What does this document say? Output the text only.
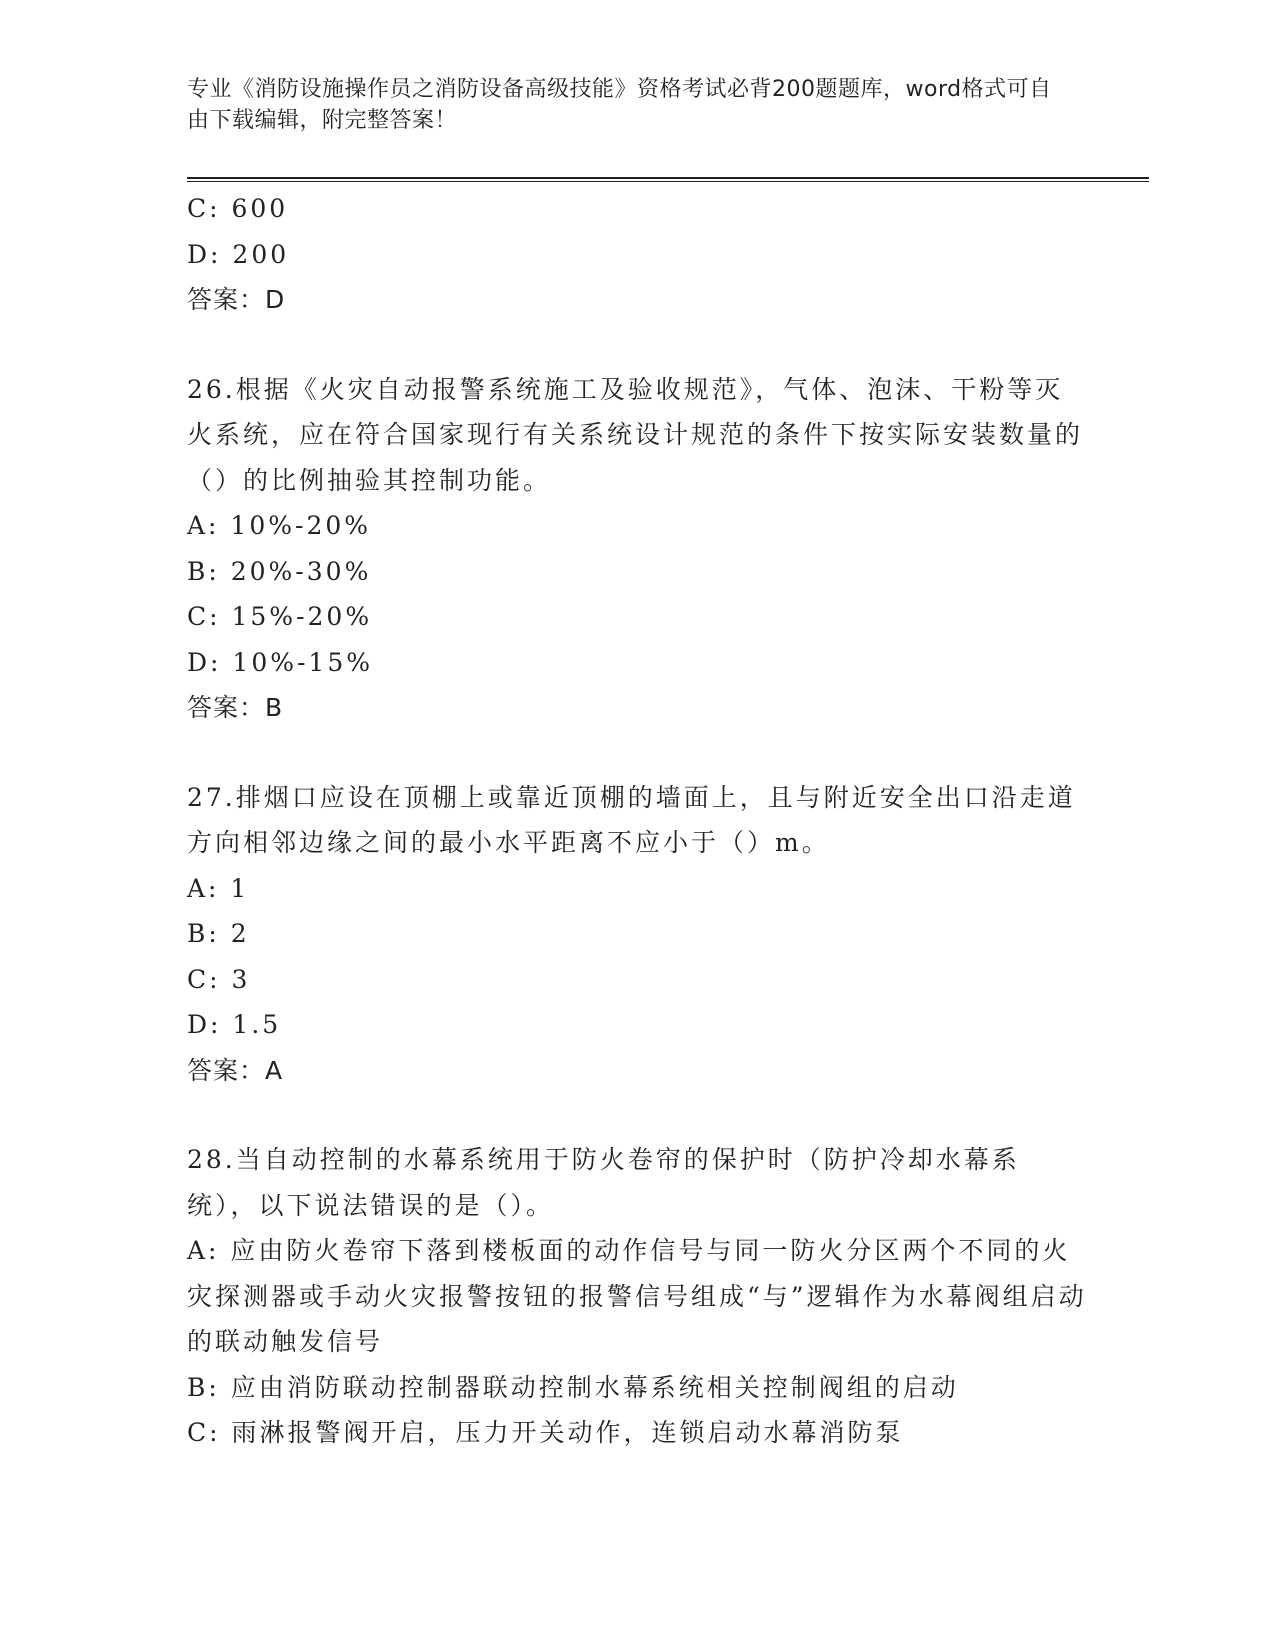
专业《消防设施操作员之消防设备高级技能》资格考试必背200题题库，word格式可自由下载编辑，附完整答案！
C: 600
D: 200
答案：D
26.根据《火灾自动报警系统施工及验收规范》，气体、泡沫、干粉等灭火系统，应在符合国家现行有关系统设计规范的条件下按实际安装数量的（）的比例抽验其控制功能。
A: 10%-20%
B: 20%-30%
C: 15%-20%
D: 10%-15%
答案：B
27.排烟口应设在顶棚上或靠近顶棚的墙面上，且与附近安全出口沿走道方向相邻边缘之间的最小水平距离不应小于（）m。
A: 1
B: 2
C: 3
D: 1.5
答案：A
28.当自动控制的水幕系统用于防火卷帘的保护时（防护冷却水幕系统），以下说法错误的是（）。
A: 应由防火卷帘下落到楼板面的动作信号与同一防火分区两个不同的火灾探测器或手动火灾报警按钮的报警信号组成“与”逻辑作为水幕阀组启动的联动触发信号
B: 应由消防联动控制器联动控制水幕系统相关控制阀组的启动
C: 雨淋报警阀开启，压力开关动作，连锁启动水幕消防泵
